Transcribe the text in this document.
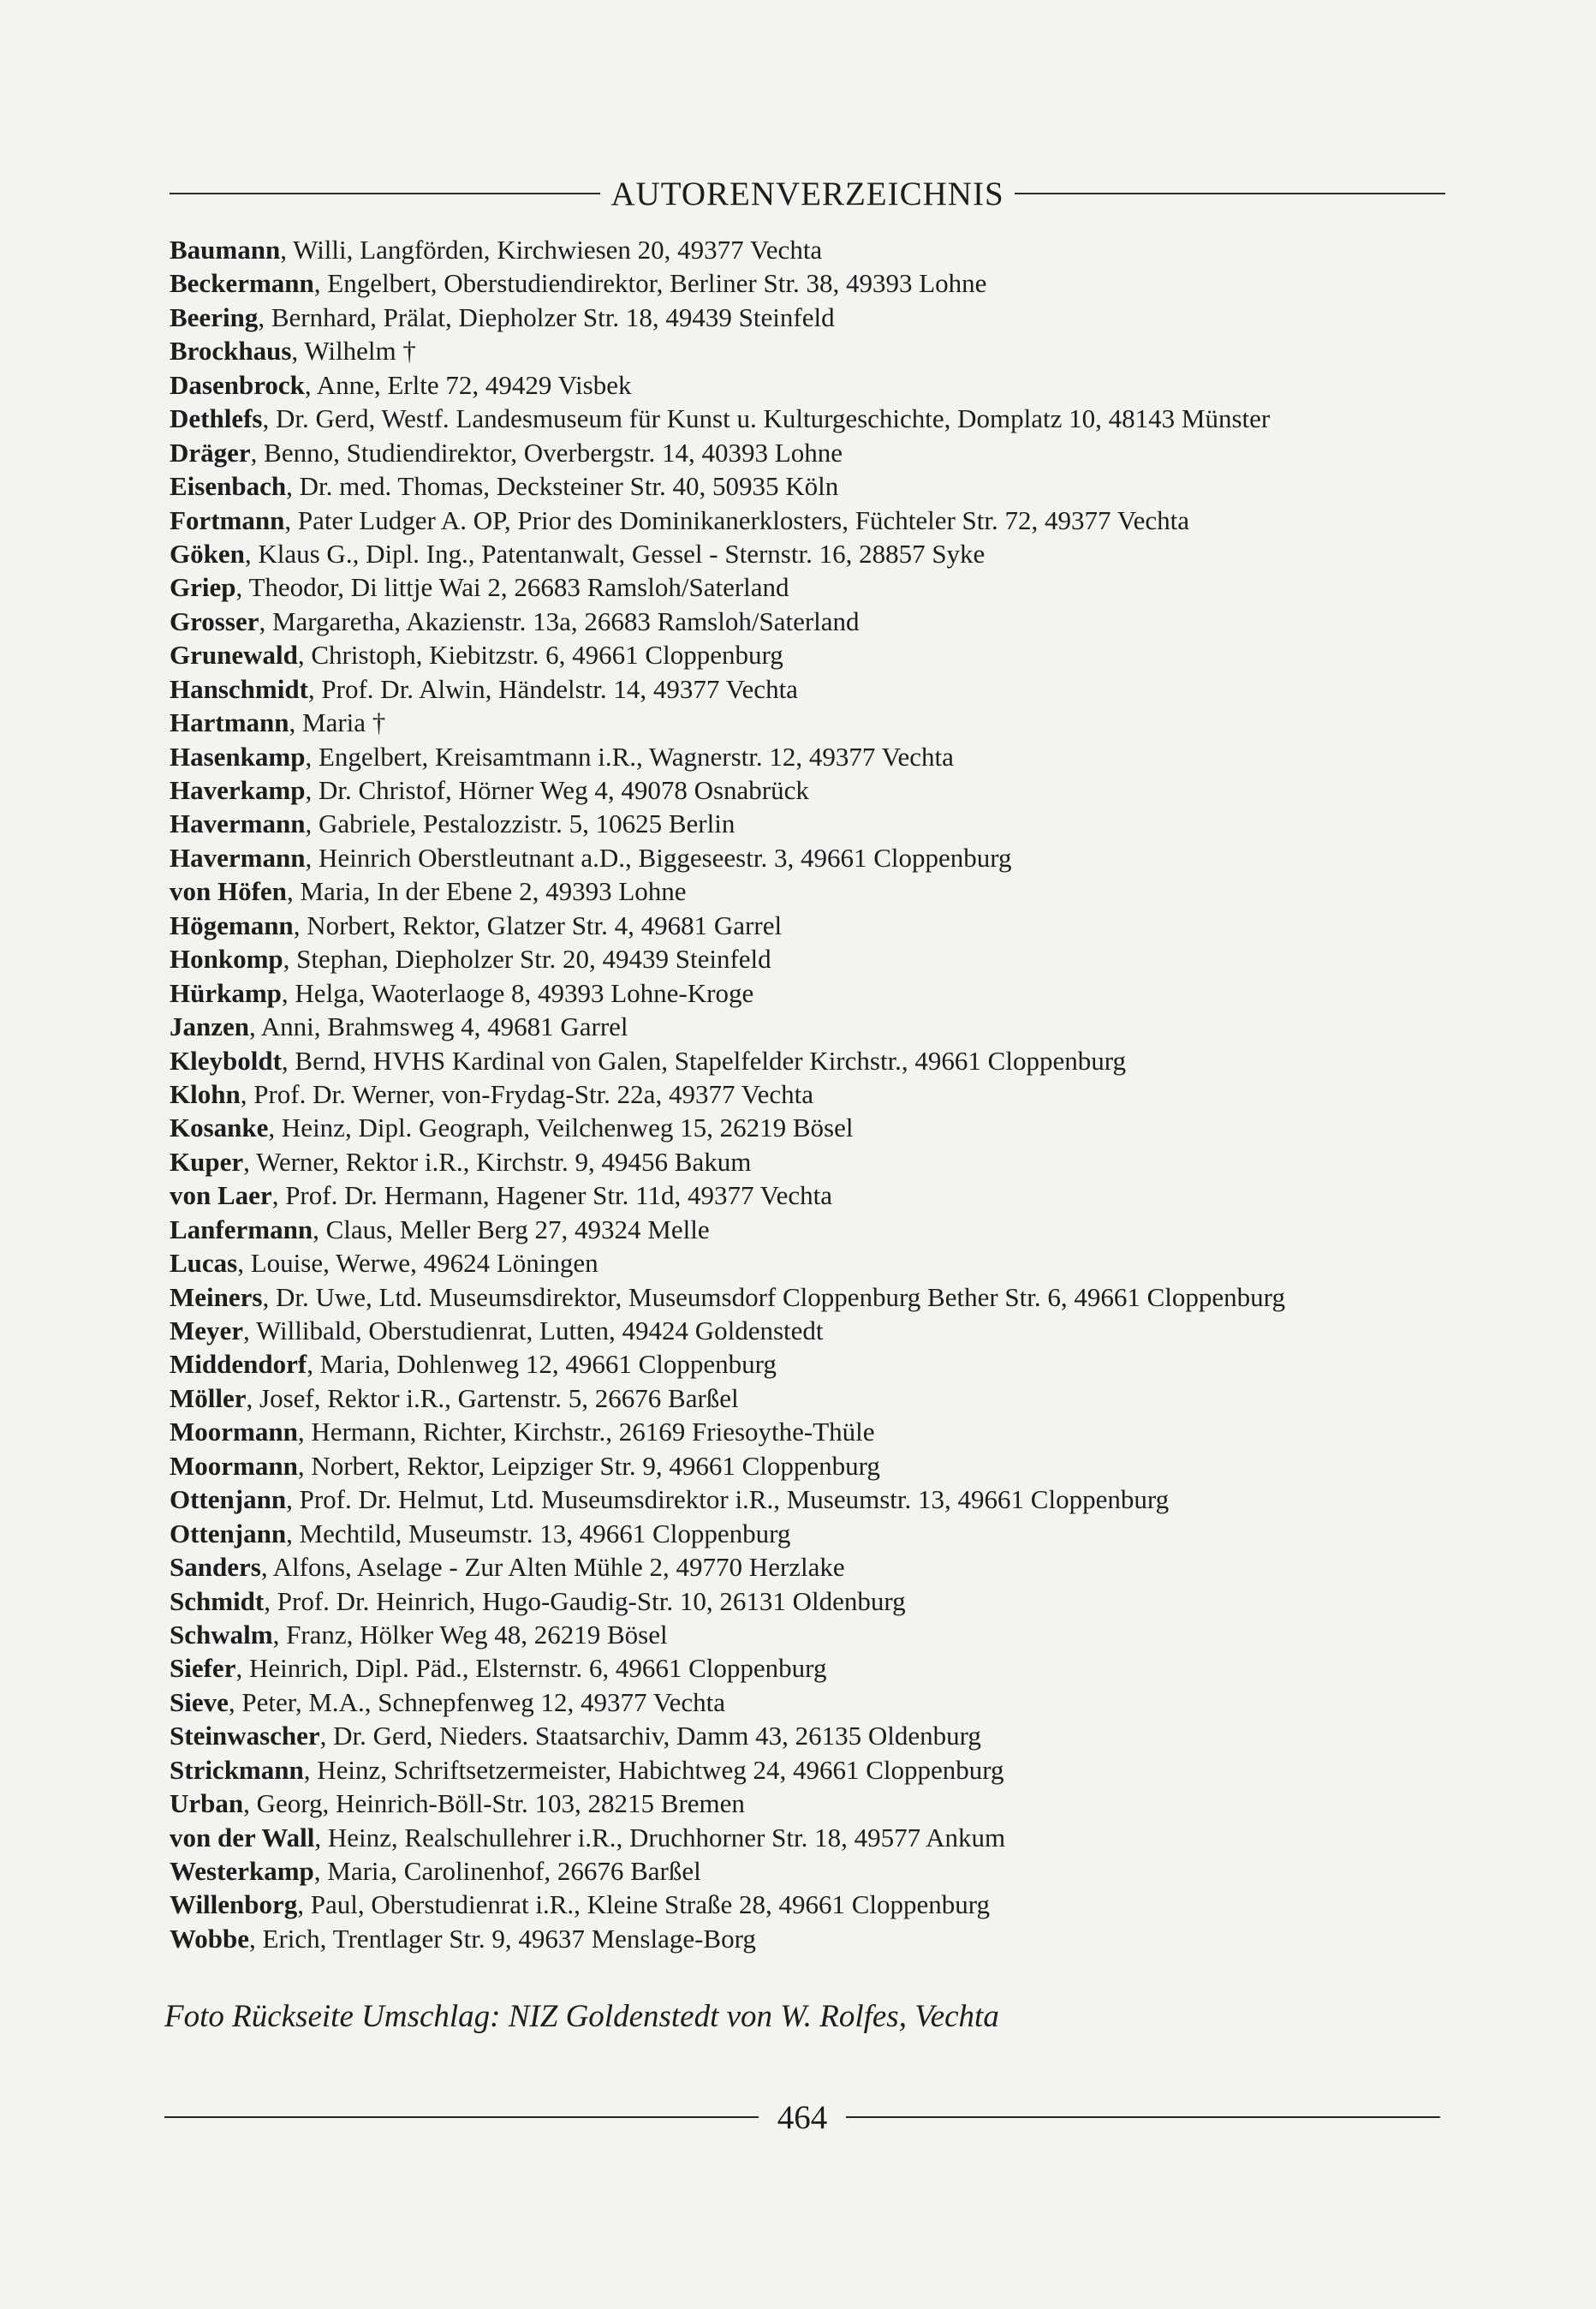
AUTORENVERZEICHNIS
Baumann, Willi, Langförden, Kirchwiesen 20, 49377 Vechta
Beckermann, Engelbert, Oberstudiendirektor, Berliner Str. 38, 49393 Lohne
Beering, Bernhard, Prälat, Diepholzer Str. 18, 49439 Steinfeld
Brockhaus, Wilhelm †
Dasenbrock, Anne, Erlte 72, 49429 Visbek
Dethlefs, Dr. Gerd, Westf. Landesmuseum für Kunst u. Kulturgeschichte, Domplatz 10, 48143 Münster
Dräger, Benno, Studiendirektor, Overbergstr. 14, 40393 Lohne
Eisenbach, Dr. med. Thomas, Decksteiner Str. 40, 50935 Köln
Fortmann, Pater Ludger A. OP, Prior des Dominikanerklosters, Füchteler Str. 72, 49377 Vechta
Göken, Klaus G., Dipl. Ing., Patentanwalt, Gessel - Sternstr. 16, 28857 Syke
Griep, Theodor, Di littje Wai 2, 26683 Ramsloh/Saterland
Grosser, Margaretha, Akazienstr. 13a, 26683 Ramsloh/Saterland
Grunewald, Christoph, Kiebitzstr. 6, 49661 Cloppenburg
Hanschmidt, Prof. Dr. Alwin, Händelstr. 14, 49377 Vechta
Hartmann, Maria †
Hasenkamp, Engelbert, Kreisamtmann i.R., Wagnerstr. 12, 49377 Vechta
Haverkamp, Dr. Christof, Hörner Weg 4, 49078 Osnabrück
Havermann, Gabriele, Pestalozzistr. 5, 10625 Berlin
Havermann, Heinrich Oberstleutnant a.D., Biggeseestr. 3, 49661 Cloppenburg
von Höfen, Maria, In der Ebene 2, 49393 Lohne
Högemann, Norbert, Rektor, Glatzer Str. 4, 49681 Garrel
Honkomp, Stephan, Diepholzer Str. 20, 49439 Steinfeld
Hürkamp, Helga, Waoterlaoge 8, 49393 Lohne-Kroge
Janzen, Anni, Brahmsweg 4, 49681 Garrel
Kleyboldt, Bernd, HVHS Kardinal von Galen, Stapelfelder Kirchstr., 49661 Cloppenburg
Klohn, Prof. Dr. Werner, von-Frydag-Str. 22a, 49377 Vechta
Kosanke, Heinz, Dipl. Geograph, Veilchenweg 15, 26219 Bösel
Kuper, Werner, Rektor i.R., Kirchstr. 9, 49456 Bakum
von Laer, Prof. Dr. Hermann, Hagener Str. 11d, 49377 Vechta
Lanfermann, Claus, Meller Berg 27, 49324 Melle
Lucas, Louise, Werwe, 49624 Löningen
Meiners, Dr. Uwe, Ltd. Museumsdirektor, Museumsdorf Cloppenburg Bether Str. 6, 49661 Cloppenburg
Meyer, Willibald, Oberstudienrat, Lutten, 49424 Goldenstedt
Middendorf, Maria, Dohlenweg 12, 49661 Cloppenburg
Möller, Josef, Rektor i.R., Gartenstr. 5, 26676 Barßel
Moormann, Hermann, Richter, Kirchstr., 26169 Friesoythe-Thüle
Moormann, Norbert, Rektor, Leipziger Str. 9, 49661 Cloppenburg
Ottenjann, Prof. Dr. Helmut, Ltd. Museumsdirektor i.R., Museumstr. 13, 49661 Cloppenburg
Ottenjann, Mechtild, Museumstr. 13, 49661 Cloppenburg
Sanders, Alfons, Aselage - Zur Alten Mühle 2, 49770 Herzlake
Schmidt, Prof. Dr. Heinrich, Hugo-Gaudig-Str. 10, 26131 Oldenburg
Schwalm, Franz, Hölker Weg 48, 26219 Bösel
Siefer, Heinrich, Dipl. Päd., Elsternstr. 6, 49661 Cloppenburg
Sieve, Peter, M.A., Schnepfenweg 12, 49377 Vechta
Steinwascher, Dr. Gerd, Nieders. Staatsarchiv, Damm 43, 26135 Oldenburg
Strickmann, Heinz, Schriftsetzermeister, Habichtweg 24, 49661 Cloppenburg
Urban, Georg, Heinrich-Böll-Str. 103, 28215 Bremen
von der Wall, Heinz, Realschullehrer i.R., Druchhorner Str. 18, 49577 Ankum
Westerkamp, Maria, Carolinenhof, 26676 Barßel
Willenborg, Paul, Oberstudienrat i.R., Kleine Straße 28, 49661 Cloppenburg
Wobbe, Erich, Trentlager Str. 9, 49637 Menslage-Borg
Foto Rückseite Umschlag: NIZ Goldenstedt von W. Rolfes, Vechta
464
